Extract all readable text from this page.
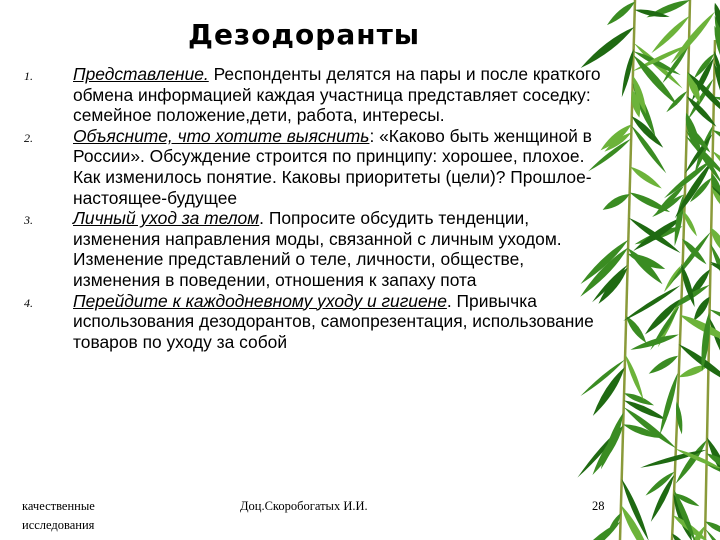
Дезодоранты
1. Представление. Респонденты делятся на пары и после краткого обмена информацией каждая участница представляет соседку: семейное положение,дети, работа, интересы.
2. Объясните, что хотите выяснить: «Каково быть женщиной в России». Обсуждение строится по принципу: хорошее, плохое. Как изменилось понятие. Каковы приоритеты (цели)? Прошлое-настоящее-будущее
3. Личный уход за телом. Попросите обсудить тенденции, изменения направления моды, связанной с личным уходом. Изменение представлений о теле, личности, обществе, изменения в поведении, отношения к запаху пота
4. Перейдите к каждодневному уходу и гигиене. Привычка использования дезодорантов, самопрезентация, использование товаров по уходу за собой
качественные исследования
Доц.Скоробогатых И.И.	28
